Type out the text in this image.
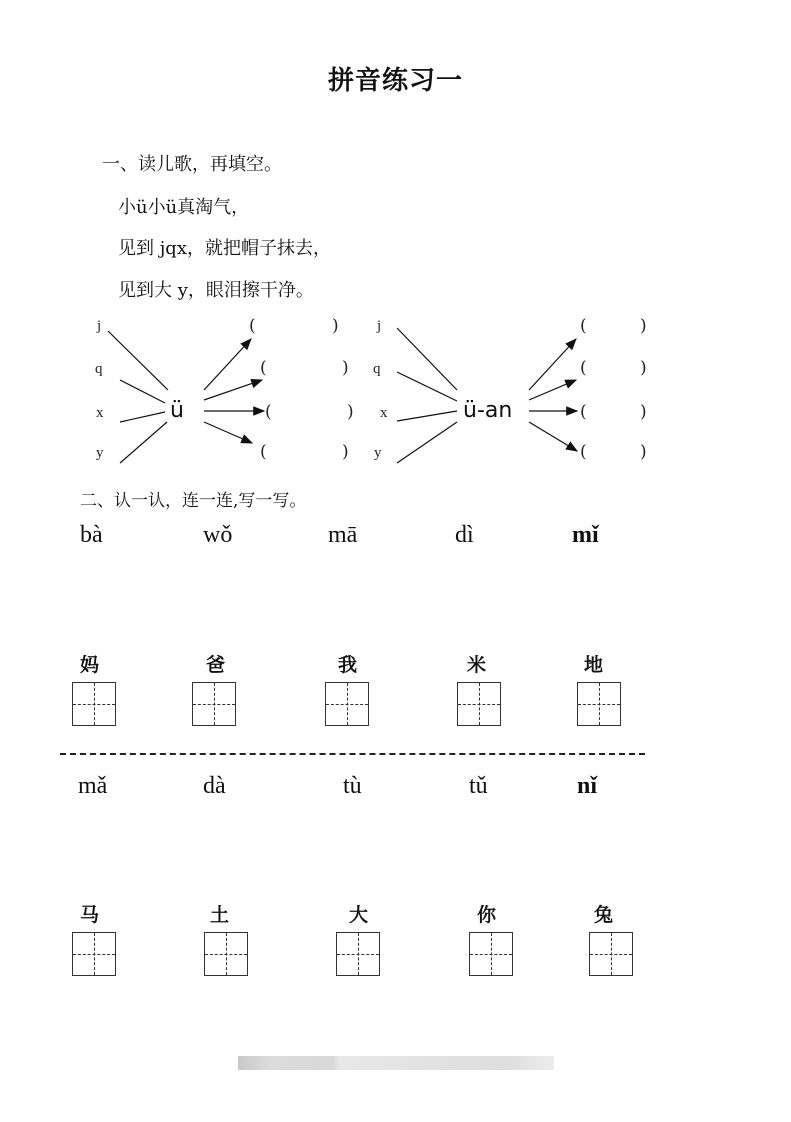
拼音练习一
一、读儿歌，再填空。
小ü小ü真淘气，
见到 jqx，就把帽子抹去，
见到大 y，眼泪擦干净。
j
q
x
y
ü
(	)
(	)
(	)
(	)
j
q
x
y
ü-an
(	)
(	)
(	)
(	)
二、认一认，连一连,写一写。
bà	wǒ	mā	dì	mǐ
妈	爸	我	米	地
mǎ	dà	tù	tǔ	nǐ
马	土	大	你	兔
